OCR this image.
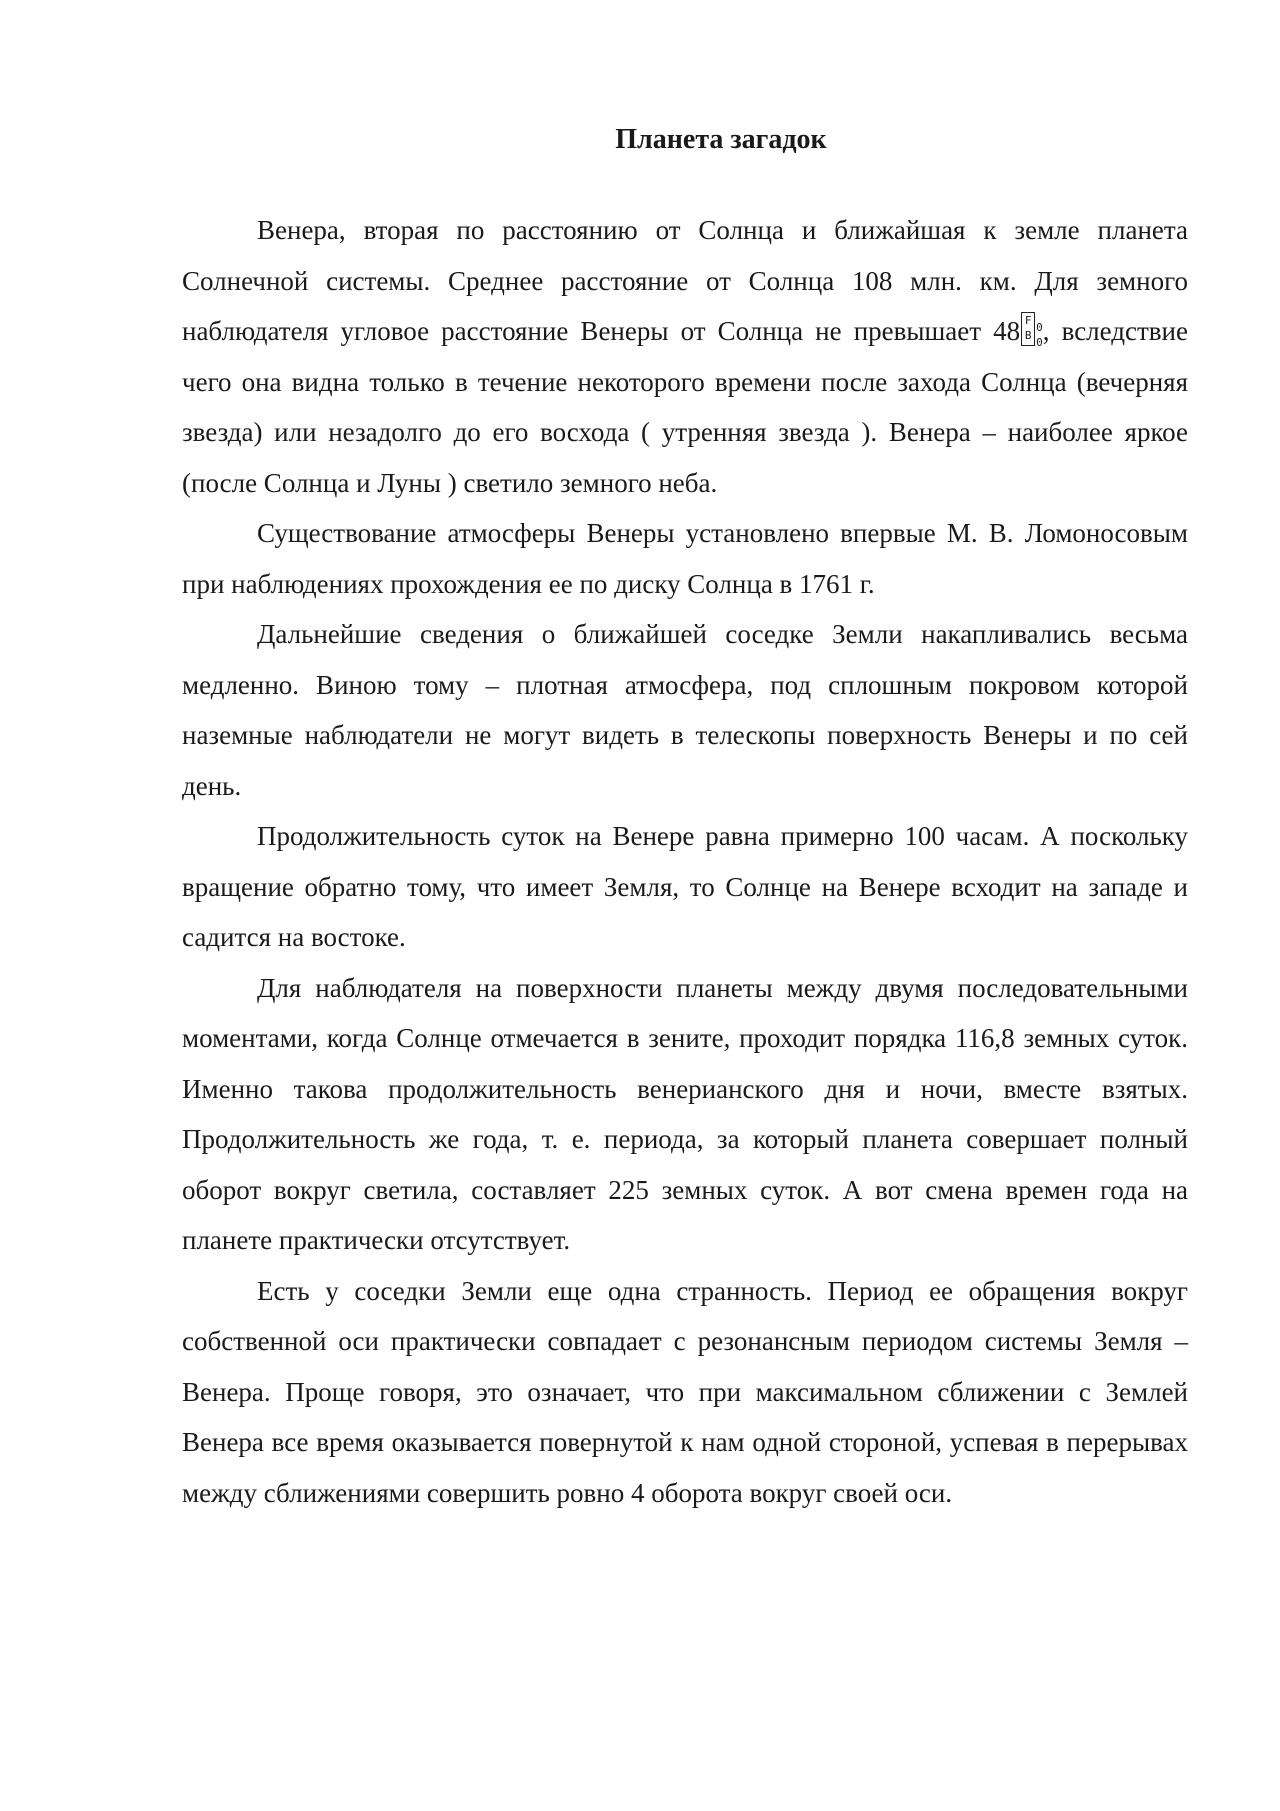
Планета загадок

Венера, вторая по расстоянию от Солнца и ближайшая к земле планета Солнечной системы. Среднее расстояние от Солнца 108 млн. км. Для земного наблюдателя угловое расстояние Венеры от Солнца не превышает 48 F
B
0
0 , вследствие чего она видна только в течение некоторого времени после захода Солнца (вечерняя звезда) или незадолго до его восхода ( утренняя звезда ). Венера – наиболее яркое (после Солнца и Луны ) светило земного неба.

Существование атмосферы Венеры установлено впервые М. В. Ломоносовым при наблюдениях прохождения ее по диску Солнца в 1761 г.

Дальнейшие сведения о ближайшей соседке Земли накапливались весьма медленно. Виною тому – плотная атмосфера, под сплошным покровом которой наземные наблюдатели не могут видеть в телескопы поверхность Венеры и по сей день.

Продолжительность суток на Венере равна примерно 100 часам. А поскольку вращение обратно тому, что имеет Земля, то Солнце на Венере всходит на западе и садится на востоке.

Для наблюдателя на поверхности планеты между двумя последовательными моментами, когда Солнце отмечается в зените, проходит порядка 116,8 земных суток. Именно такова продолжительность венерианского дня и ночи, вместе взятых. Продолжительность же года, т. е. периода, за который планета совершает полный оборот вокруг светила, составляет 225 земных суток. А вот смена времен года на планете практически отсутствует.

Есть у соседки Земли еще одна странность. Период ее обращения вокруг собственной оси практически совпадает с резонансным периодом системы Земля – Венера. Проще говоря, это означает, что при максимальном сближении с Землей Венера все время оказывается повернутой к нам одной стороной, успевая в перерывах между сближениями совершить ровно 4 оборота вокруг своей оси.
